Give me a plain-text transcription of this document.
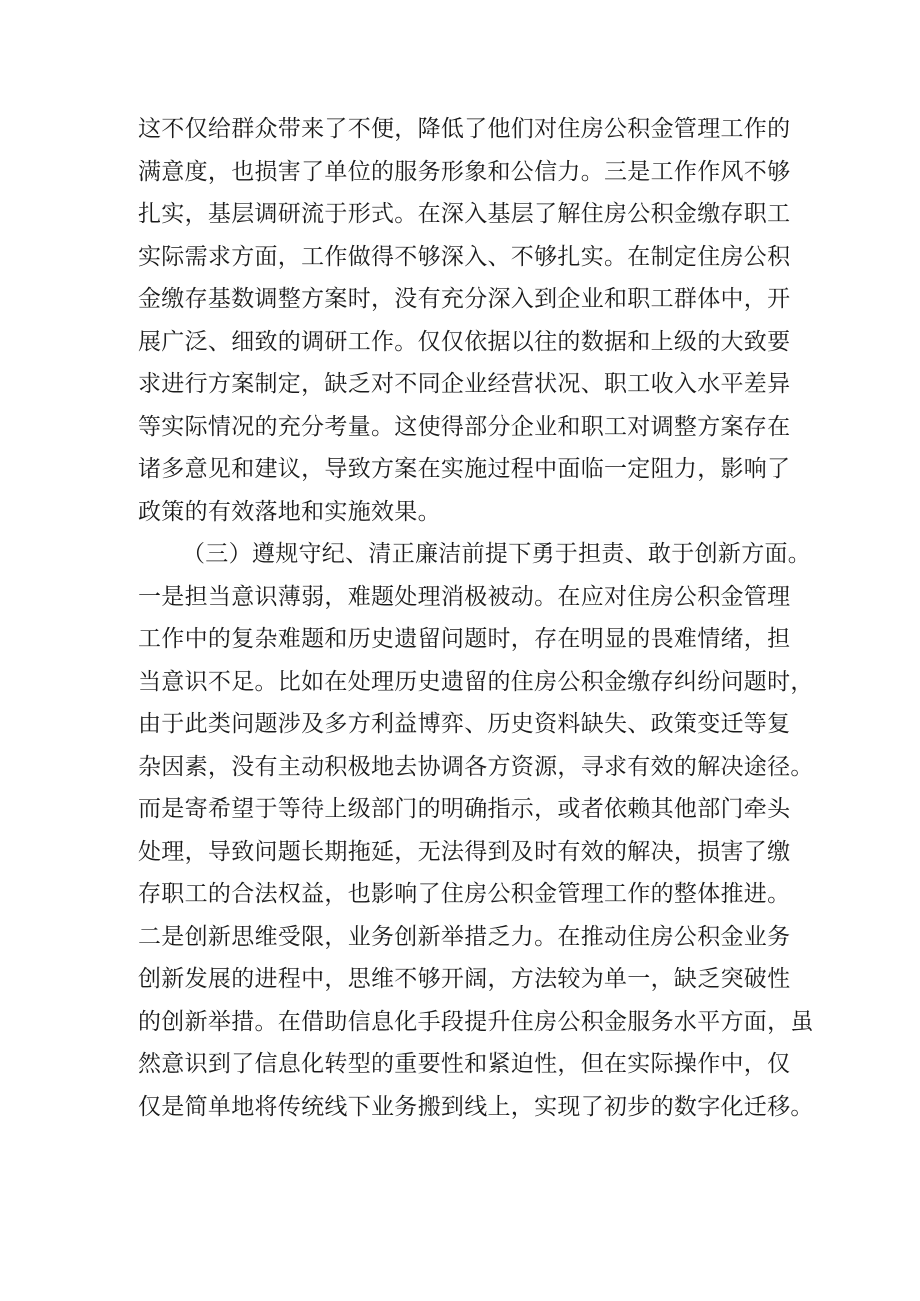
这不仅给群众带来了不便，降低了他们对住房公积金管理工作的
满意度，也损害了单位的服务形象和公信力。三是工作作风不够
扎实，基层调研流于形式。在深入基层了解住房公积金缴存职工
实际需求方面，工作做得不够深入、不够扎实。在制定住房公积
金缴存基数调整方案时，没有充分深入到企业和职工群体中，开
展广泛、细致的调研工作。仅仅依据以往的数据和上级的大致要
求进行方案制定，缺乏对不同企业经营状况、职工收入水平差异
等实际情况的充分考量。这使得部分企业和职工对调整方案存在
诸多意见和建议，导致方案在实施过程中面临一定阻力，影响了
政策的有效落地和实施效果。
（三）遵规守纪、清正廉洁前提下勇于担责、敢于创新方面。
一是担当意识薄弱，难题处理消极被动。在应对住房公积金管理
工作中的复杂难题和历史遗留问题时，存在明显的畏难情绪，担
当意识不足。比如在处理历史遗留的住房公积金缴存纠纷问题时，
由于此类问题涉及多方利益博弈、历史资料缺失、政策变迁等复
杂因素，没有主动积极地去协调各方资源，寻求有效的解决途径。
而是寄希望于等待上级部门的明确指示，或者依赖其他部门牵头
处理，导致问题长期拖延，无法得到及时有效的解决，损害了缴
存职工的合法权益，也影响了住房公积金管理工作的整体推进。
二是创新思维受限，业务创新举措乏力。在推动住房公积金业务
创新发展的进程中，思维不够开阔，方法较为单一，缺乏突破性
的创新举措。在借助信息化手段提升住房公积金服务水平方面，虽
然意识到了信息化转型的重要性和紧迫性，但在实际操作中，仅
仅是简单地将传统线下业务搬到线上，实现了初步的数字化迁移。
